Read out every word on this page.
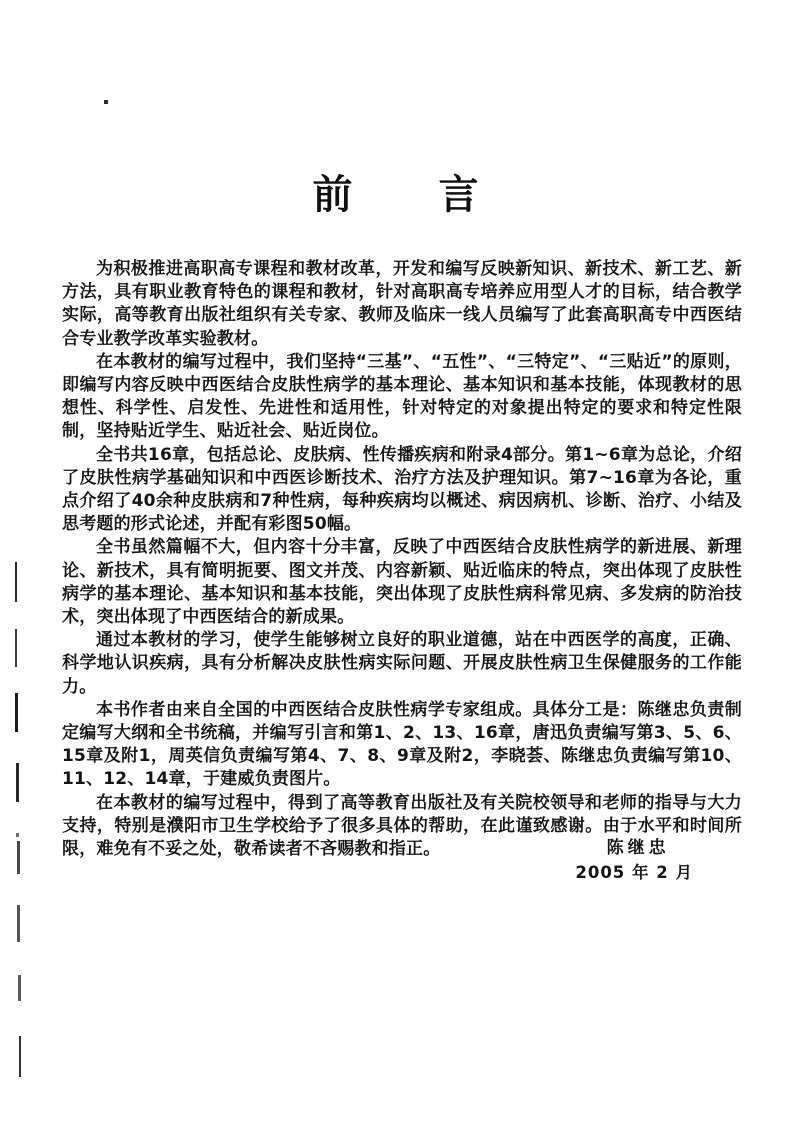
前　　言

为积极推进高职高专课程和教材改革，开发和编写反映新知识、新技术、新工艺、新方法，具有职业教育特色的课程和教材，针对高职高专培养应用型人才的目标，结合教学实际，高等教育出版社组织有关专家、教师及临床一线人员编写了此套高职高专中西医结合专业教学改革实验教材。

在本教材的编写过程中，我们坚持“三基”、“五性”、“三特定”、“三贴近”的原则，即编写内容反映中西医结合皮肤性病学的基本理论、基本知识和基本技能，体现教材的思想性、科学性、启发性、先进性和适用性，针对特定的对象提出特定的要求和特定性限制，坚持贴近学生、贴近社会、贴近岗位。

全书共16章，包括总论、皮肤病、性传播疾病和附录4部分。第1~6章为总论，介绍了皮肤性病学基础知识和中西医诊断技术、治疗方法及护理知识。第7~16章为各论，重点介绍了40余种皮肤病和7种性病，每种疾病均以概述、病因病机、诊断、治疗、小结及思考题的形式论述，并配有彩图50幅。

全书虽然篇幅不大，但内容十分丰富，反映了中西医结合皮肤性病学的新进展、新理论、新技术，具有简明扼要、图文并茂、内容新颖、贴近临床的特点，突出体现了皮肤性病学的基本理论、基本知识和基本技能，突出体现了皮肤性病科常见病、多发病的防治技术，突出体现了中西医结合的新成果。

通过本教材的学习，使学生能够树立良好的职业道德，站在中西医学的高度，正确、科学地认识疾病，具有分析解决皮肤性病实际问题、开展皮肤性病卫生保健服务的工作能力。

本书作者由来自全国的中西医结合皮肤性病学专家组成。具体分工是：陈继忠负责制定编写大纲和全书统稿，并编写引言和第1、2、13、16章，唐迅负责编写第3、5、6、15章及附1，周英信负责编写第4、7、8、9章及附2，李晓荟、陈继忠负责编写第10、11、12、14章，于建威负责图片。

在本教材的编写过程中，得到了高等教育出版社及有关院校领导和老师的指导与大力支持，特别是濮阳市卫生学校给予了很多具体的帮助，在此谨致感谢。由于水平和时间所限，难免有不妥之处，敬希读者不吝赐教和指正。	陈继忠
2005 年 2 月
